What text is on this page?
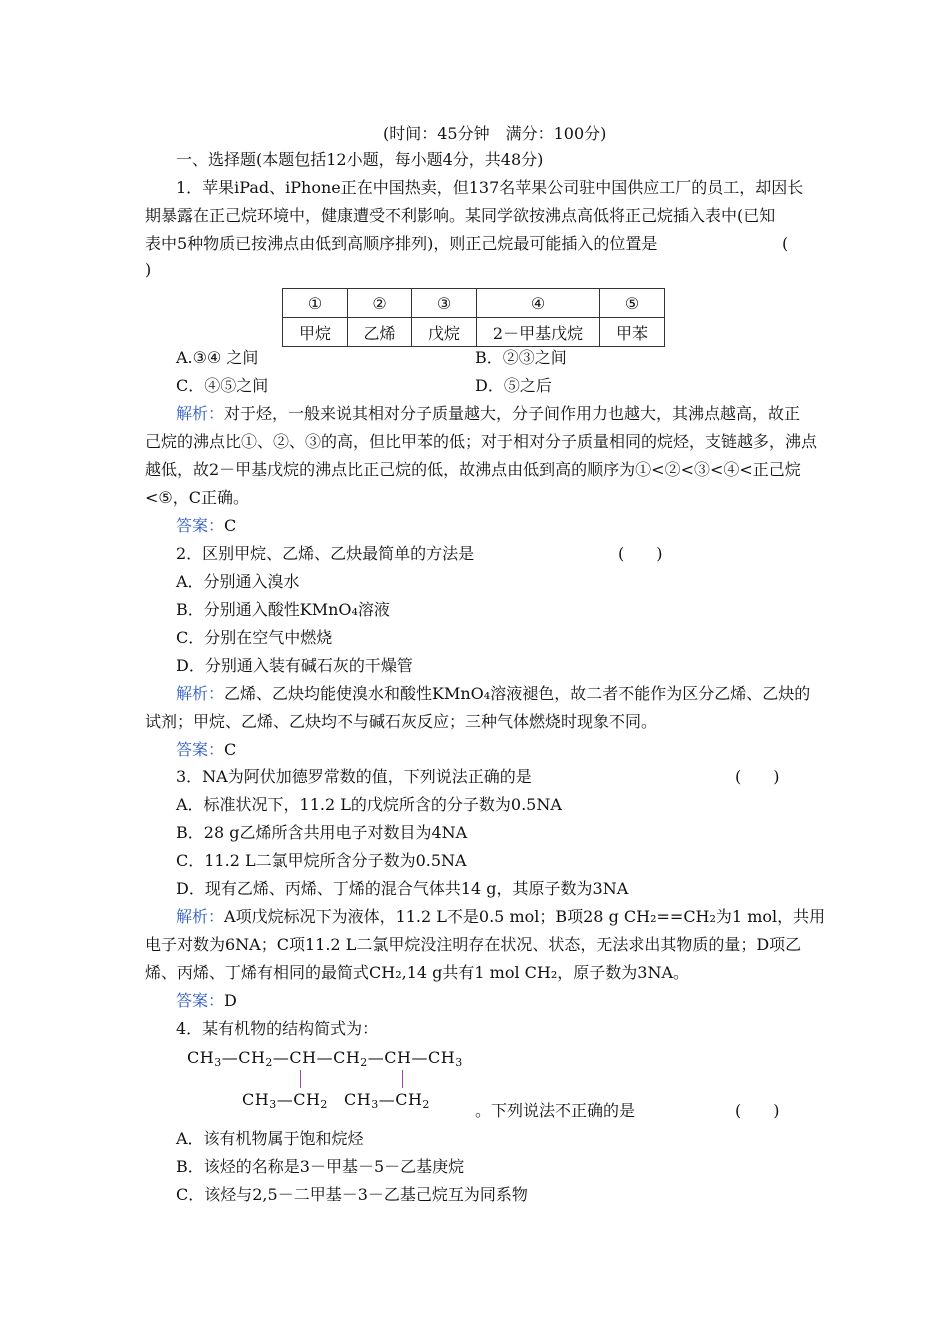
(时间：45分钟　满分：100分)
一、选择题(本题包括12小题，每小题4分，共48分)
1．苹果iPad、iPhone正在中国热卖，但137名苹果公司驻中国供应工厂的员工，却因长
期暴露在正己烷环境中，健康遭受不利影响。某同学欲按沸点高低将正己烷插入表中(已知
表中5种物质已按沸点由低到高顺序排列)，则正己烷最可能插入的位置是	(
)
①	②	③	④	⑤
甲烷	乙烯	戊烷	2－甲基戊烷	甲苯
A.③④ 之间	B．②③之间
C．④⑤之间	D．⑤之后
解析：对于烃，一般来说其相对分子质量越大，分子间作用力也越大，其沸点越高，故正
己烷的沸点比①、②、③的高，但比甲苯的低；对于相对分子质量相同的烷烃，支链越多，沸点
越低，故2－甲基戊烷的沸点比正己烷的低，故沸点由低到高的顺序为①<②<③<④<正己烷
<⑤，C正确。
答案：C
2．区别甲烷、乙烯、乙炔最简单的方法是	(　　)
A．分别通入溴水
B．分别通入酸性KMnO₄溶液
C．分别在空气中燃烧
D．分别通入装有碱石灰的干燥管
解析：乙烯、乙炔均能使溴水和酸性KMnO₄溶液褪色，故二者不能作为区分乙烯、乙炔的
试剂；甲烷、乙烯、乙炔均不与碱石灰反应；三种气体燃烧时现象不同。
答案：C
3．NA为阿伏加德罗常数的值，下列说法正确的是	(　　)
A．标准状况下，11.2 L的戊烷所含的分子数为0.5NA
B．28 g乙烯所含共用电子对数目为4NA
C．11.2 L二氯甲烷所含分子数为0.5NA
D．现有乙烯、丙烯、丁烯的混合气体共14 g，其原子数为3NA
解析：A项戊烷标况下为液体，11.2 L不是0.5 mol；B项28 g CH₂==CH₂为1 mol，共用
电子对数为6NA；C项11.2 L二氯甲烷没注明存在状况、状态，无法求出其物质的量；D项乙
烯、丙烯、丁烯有相同的最简式CH₂,14 g共有1 mol CH₂，原子数为3NA。
答案：D
4．某有机物的结构简式为：
$CH_3—CH_2—CH—CH_2—CH—CH_3$
$CH_3—CH_2$ $CH_3—CH_2$	。下列说法不正确的是	(　　)
A．该有机物属于饱和烷烃
B．该烃的名称是3－甲基－5－乙基庚烷
C．该烃与2,5－二甲基－3－乙基己烷互为同系物
